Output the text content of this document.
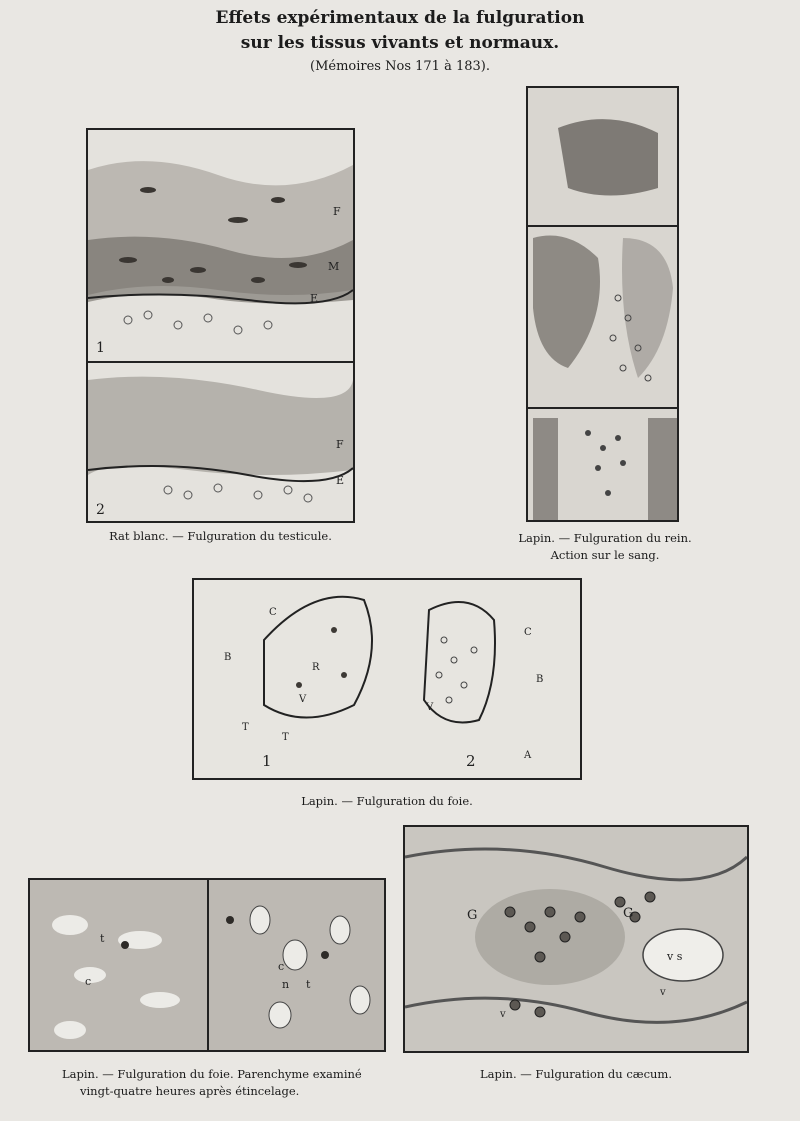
Effets expérimentaux de la fulguration
sur les tissus vivants et normaux.
(Mémoires Nos 171 à 183).
1
2
F
M
E
F
E
Rat blanc. — Fulguration du testicule.	Lapin. — Fulguration du rein.
Action sur le sang.
C
B
R
V
T
T
1
C
B
V
2	A
Lapin. — Fulguration du foie.
t
c
c
n t
Lapin. — Fulguration du foie. Parenchyme examiné
vingt-quatre heures après étincelage.
G	G
v s
v
v
Lapin. — Fulguration du cæcum.
